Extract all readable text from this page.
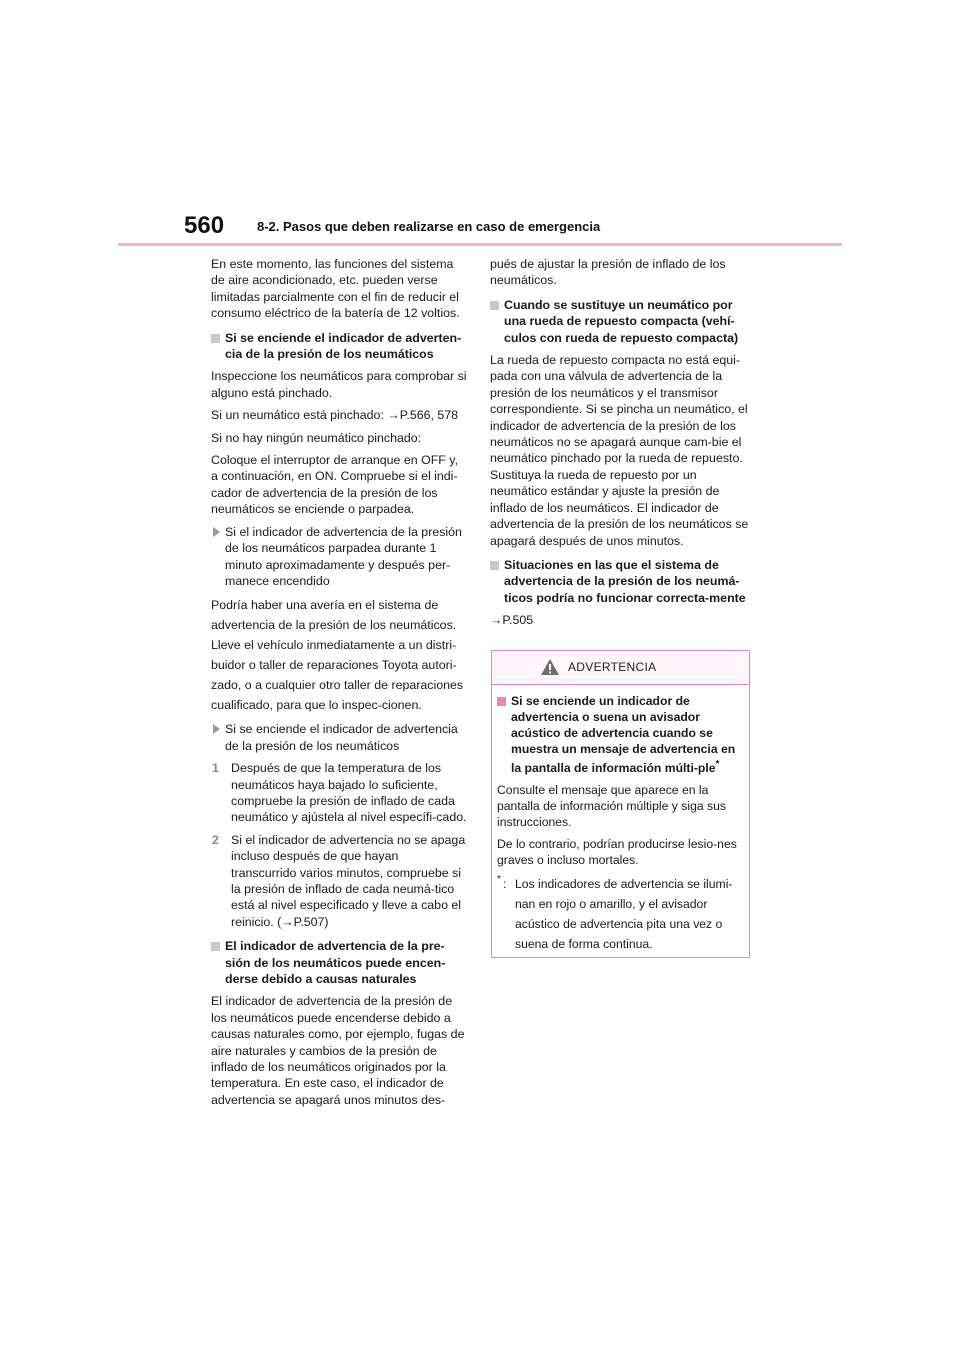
560	8-2. Pasos que deben realizarse en caso de emergencia

En este momento, las funciones del sistema de aire acondicionado, etc. pueden verse limitadas parcialmente con el fin de reducir el consumo eléctrico de la batería de 12 voltios.

Si se enciende el indicador de adverten-cia de la presión de los neumáticos

Inspeccione los neumáticos para comprobar si alguno está pinchado.

Si un neumático está pinchado: →P.566, 578

Si no hay ningún neumático pinchado:

Coloque el interruptor de arranque en OFF y, a continuación, en ON. Compruebe si el indi-cador de advertencia de la presión de los neumáticos se enciende o parpadea.

Si el indicador de advertencia de la presión de los neumáticos parpadea durante 1 minuto aproximadamente y después per-manece encendido

Podría haber una avería en el sistema de advertencia de la presión de los neumáticos. Lleve el vehículo inmediatamente a un distri-buidor o taller de reparaciones Toyota autori-zado, o a cualquier otro taller de reparaciones cualificado, para que lo inspec-cionen.

Si se enciende el indicador de advertencia de la presión de los neumáticos
1 Después de que la temperatura de los neumáticos haya bajado lo suficiente, compruebe la presión de inflado de cada neumático y ajústela al nivel específi-cado.
2 Si el indicador de advertencia no se apaga incluso después de que hayan transcurrido varios minutos, compruebe si la presión de inflado de cada neumá-tico está al nivel especificado y lleve a cabo el reinicio. (→P.507)
El indicador de advertencia de la pre-sión de los neumáticos puede encen-derse debido a causas naturales

El indicador de advertencia de la presión de los neumáticos puede encenderse debido a causas naturales como, por ejemplo, fugas de aire naturales y cambios de la presión de inflado de los neumáticos originados por la temperatura. En este caso, el indicador de advertencia se apagará unos minutos des-

pués de ajustar la presión de inflado de los neumáticos.

Cuando se sustituye un neumático por una rueda de repuesto compacta (vehí-culos con rueda de repuesto compacta)

La rueda de repuesto compacta no está equi-pada con una válvula de advertencia de la presión de los neumáticos y el transmisor correspondiente. Si se pincha un neumático, el indicador de advertencia de la presión de los neumáticos no se apagará aunque cam-bie el neumático pinchado por la rueda de repuesto. Sustituya la rueda de repuesto por un neumático estándar y ajuste la presión de inflado de los neumáticos. El indicador de advertencia de la presión de los neumáticos se apagará después de unos minutos.

Situaciones en las que el sistema de advertencia de la presión de los neumá-ticos podría no funcionar correcta-mente

→P.505

ADVERTENCIA
Si se enciende un indicador de advertencia o suena un avisador acústico de advertencia cuando se muestra un mensaje de advertencia en la pantalla de información múlti-ple*

Consulte el mensaje que aparece en la pantalla de información múltiple y siga sus instrucciones.

De lo contrario, podrían producirse lesio-nes graves o incluso mortales.

* : Los indicadores de advertencia se ilumi-nan en rojo o amarillo, y el avisador acústico de advertencia pita una vez o suena de forma continua.
